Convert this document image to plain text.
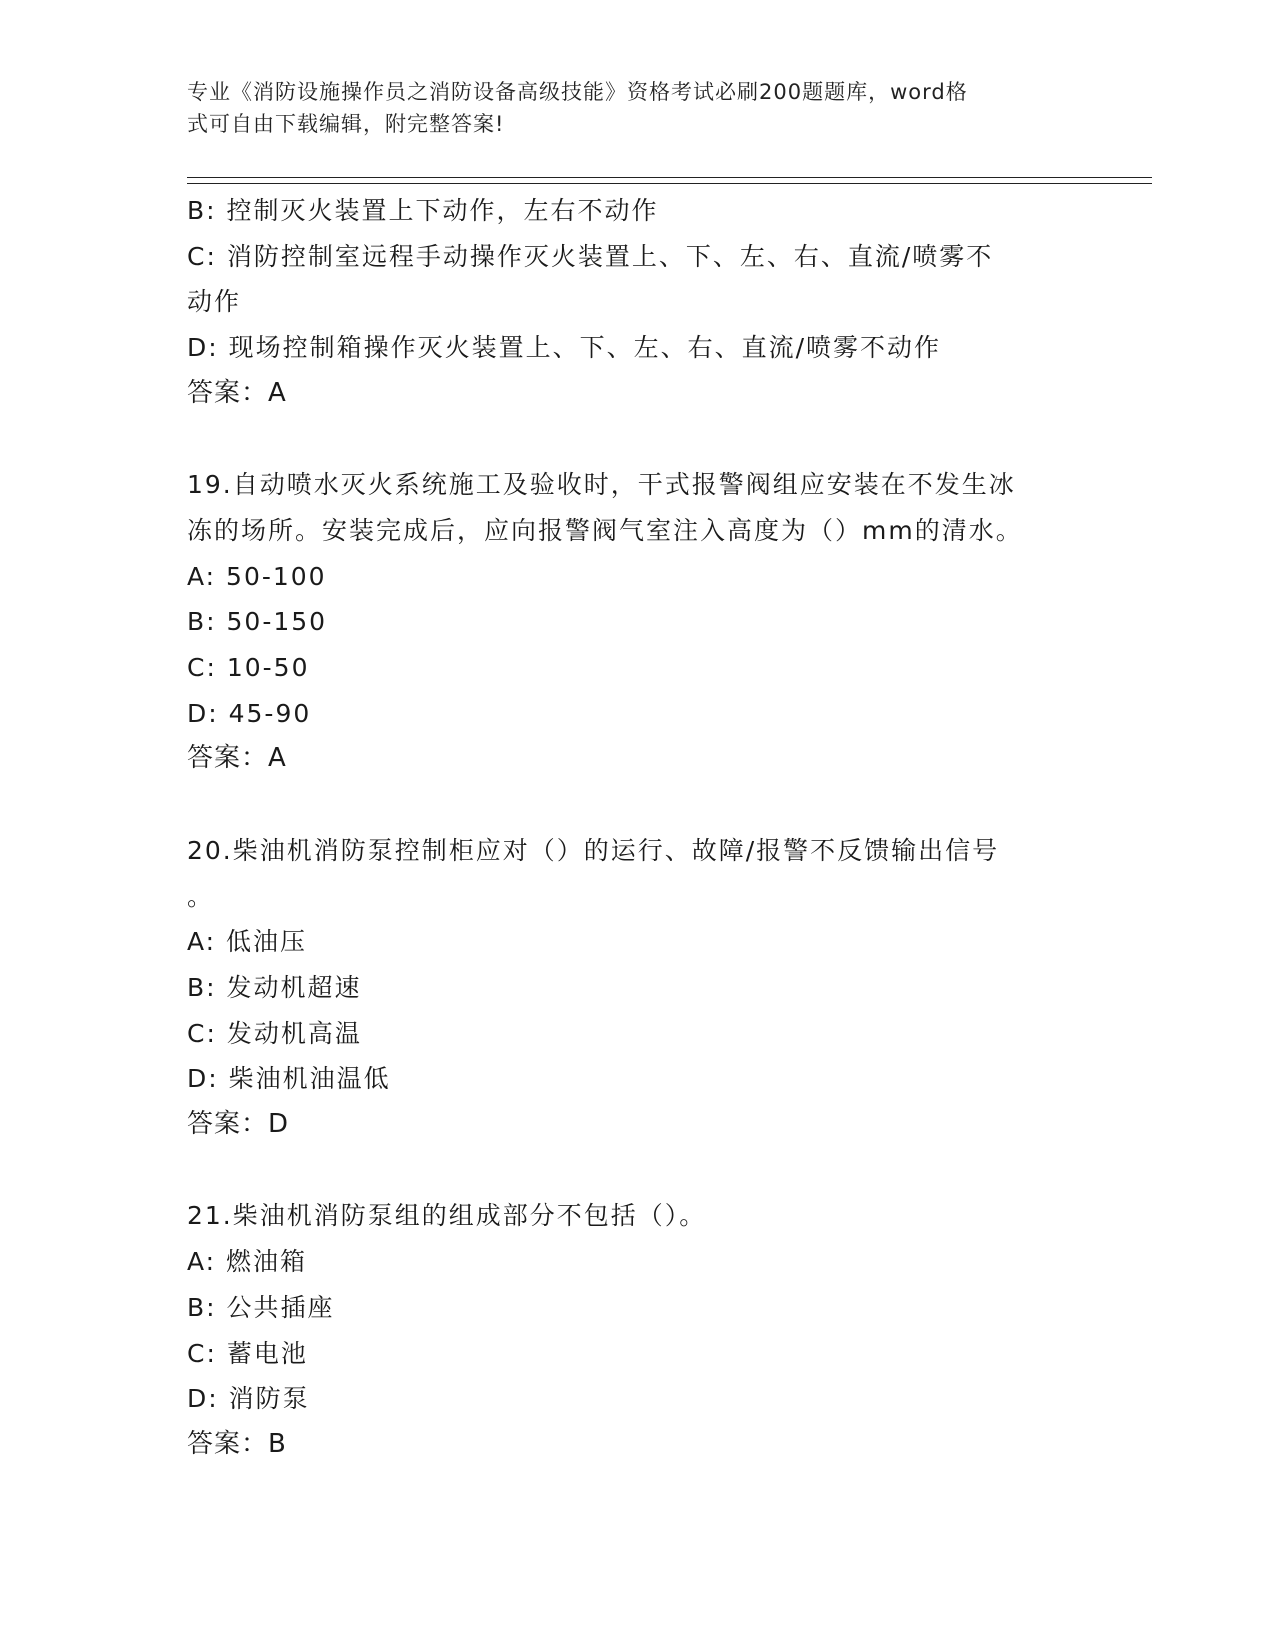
专业《消防设施操作员之消防设备高级技能》资格考试必刷200题题库，word格
式可自由下载编辑，附完整答案!
B: 控制灭火装置上下动作，左右不动作
C: 消防控制室远程手动操作灭火装置上、下、左、右、直流/喷雾不
动作
D: 现场控制箱操作灭火装置上、下、左、右、直流/喷雾不动作
答案：A
19.自动喷水灭火系统施工及验收时，干式报警阀组应安装在不发生冰
冻的场所。安装完成后，应向报警阀气室注入高度为（）mm的清水。
A: 50-100
B: 50-150
C: 10-50
D: 45-90
答案：A
20.柴油机消防泵控制柜应对（）的运行、故障/报警不反馈输出信号
。
A: 低油压
B: 发动机超速
C: 发动机高温
D: 柴油机油温低
答案：D
21.柴油机消防泵组的组成部分不包括（）。
A: 燃油箱
B: 公共插座
C: 蓄电池
D: 消防泵
答案：B
